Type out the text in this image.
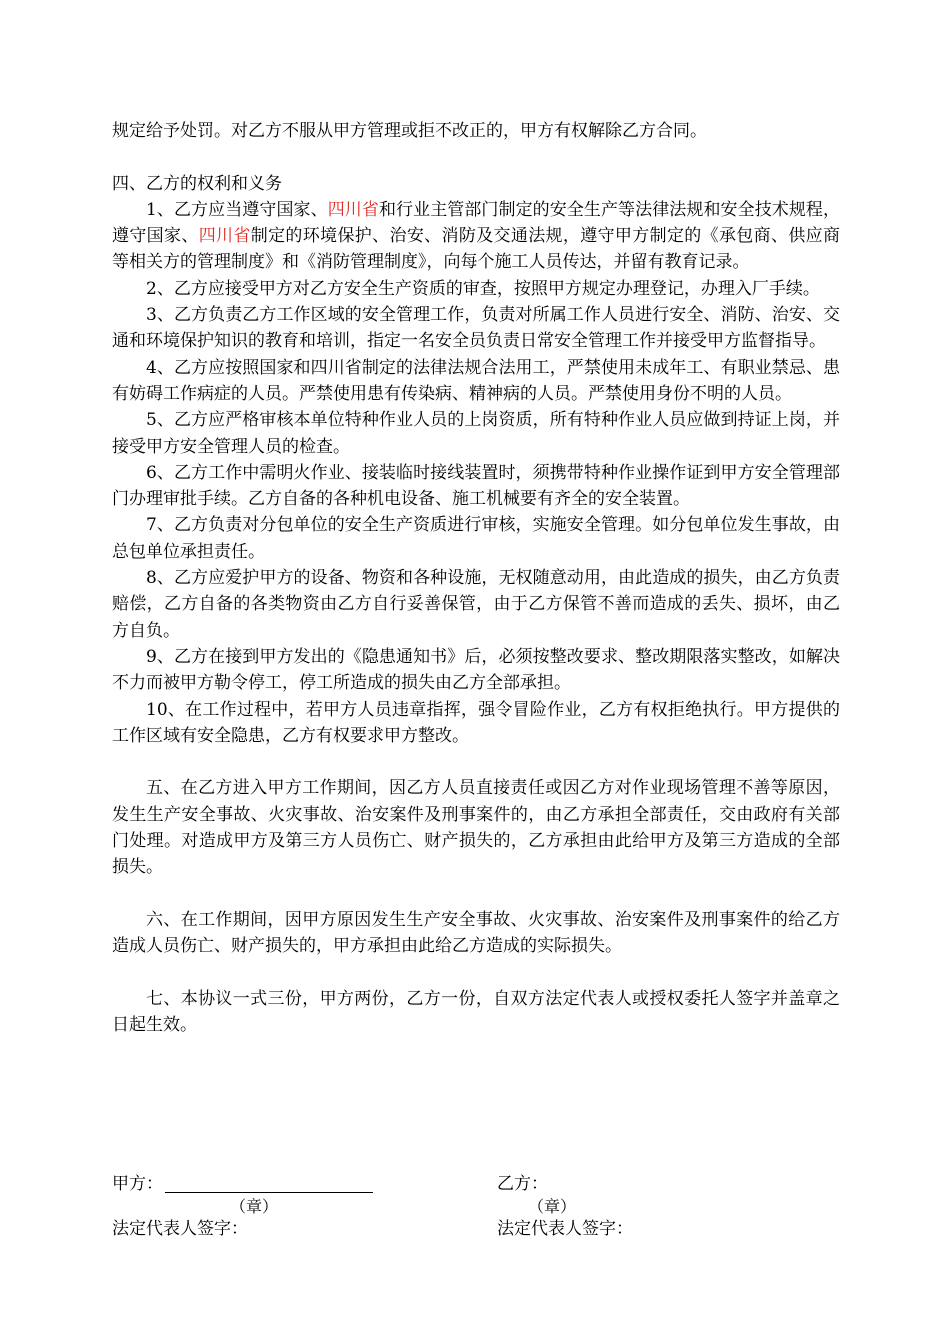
规定给予处罚。对乙方不服从甲方管理或拒不改正的，甲方有权解除乙方合同。

四、乙方的权利和义务

1、乙方应当遵守国家、四川省和行业主管部门制定的安全生产等法律法规和安全技术规程，遵守国家、四川省制定的环境保护、治安、消防及交通法规，遵守甲方制定的《承包商、供应商等相关方的管理制度》和《消防管理制度》，向每个施工人员传达，并留有教育记录。

2、乙方应接受甲方对乙方安全生产资质的审查，按照甲方规定办理登记，办理入厂手续。

3、乙方负责乙方工作区域的安全管理工作，负责对所属工作人员进行安全、消防、治安、交通和环境保护知识的教育和培训，指定一名安全员负责日常安全管理工作并接受甲方监督指导。

4、乙方应按照国家和四川省制定的法律法规合法用工，严禁使用未成年工、有职业禁忌、患有妨碍工作病症的人员。严禁使用患有传染病、精神病的人员。严禁使用身份不明的人员。

5、乙方应严格审核本单位特种作业人员的上岗资质，所有特种作业人员应做到持证上岗，并接受甲方安全管理人员的检查。

6、乙方工作中需明火作业、接装临时接线装置时，须携带特种作业操作证到甲方安全管理部门办理审批手续。乙方自备的各种机电设备、施工机械要有齐全的安全装置。

7、乙方负责对分包单位的安全生产资质进行审核，实施安全管理。如分包单位发生事故，由总包单位承担责任。

8、乙方应爱护甲方的设备、物资和各种设施，无权随意动用，由此造成的损失，由乙方负责赔偿，乙方自备的各类物资由乙方自行妥善保管，由于乙方保管不善而造成的丢失、损坏，由乙方自负。

9、乙方在接到甲方发出的《隐患通知书》后，必须按整改要求、整改期限落实整改，如解决不力而被甲方勒令停工，停工所造成的损失由乙方全部承担。

10、在工作过程中，若甲方人员违章指挥，强令冒险作业，乙方有权拒绝执行。甲方提供的工作区域有安全隐患，乙方有权要求甲方整改。

五、在乙方进入甲方工作期间，因乙方人员直接责任或因乙方对作业现场管理不善等原因，发生生产安全事故、火灾事故、治安案件及刑事案件的，由乙方承担全部责任，交由政府有关部门处理。对造成甲方及第三方人员伤亡、财产损失的，乙方承担由此给甲方及第三方造成的全部损失。

六、在工作期间，因甲方原因发生生产安全事故、火灾事故、治安案件及刑事案件的给乙方造成人员伤亡、财产损失的，甲方承担由此给乙方造成的实际损失。

七、本协议一式三份，甲方两份，乙方一份，自双方法定代表人或授权委托人签字并盖章之日起生效。

甲方：
（章）
法定代表人签字：
乙方：
（章）
法定代表人签字：
